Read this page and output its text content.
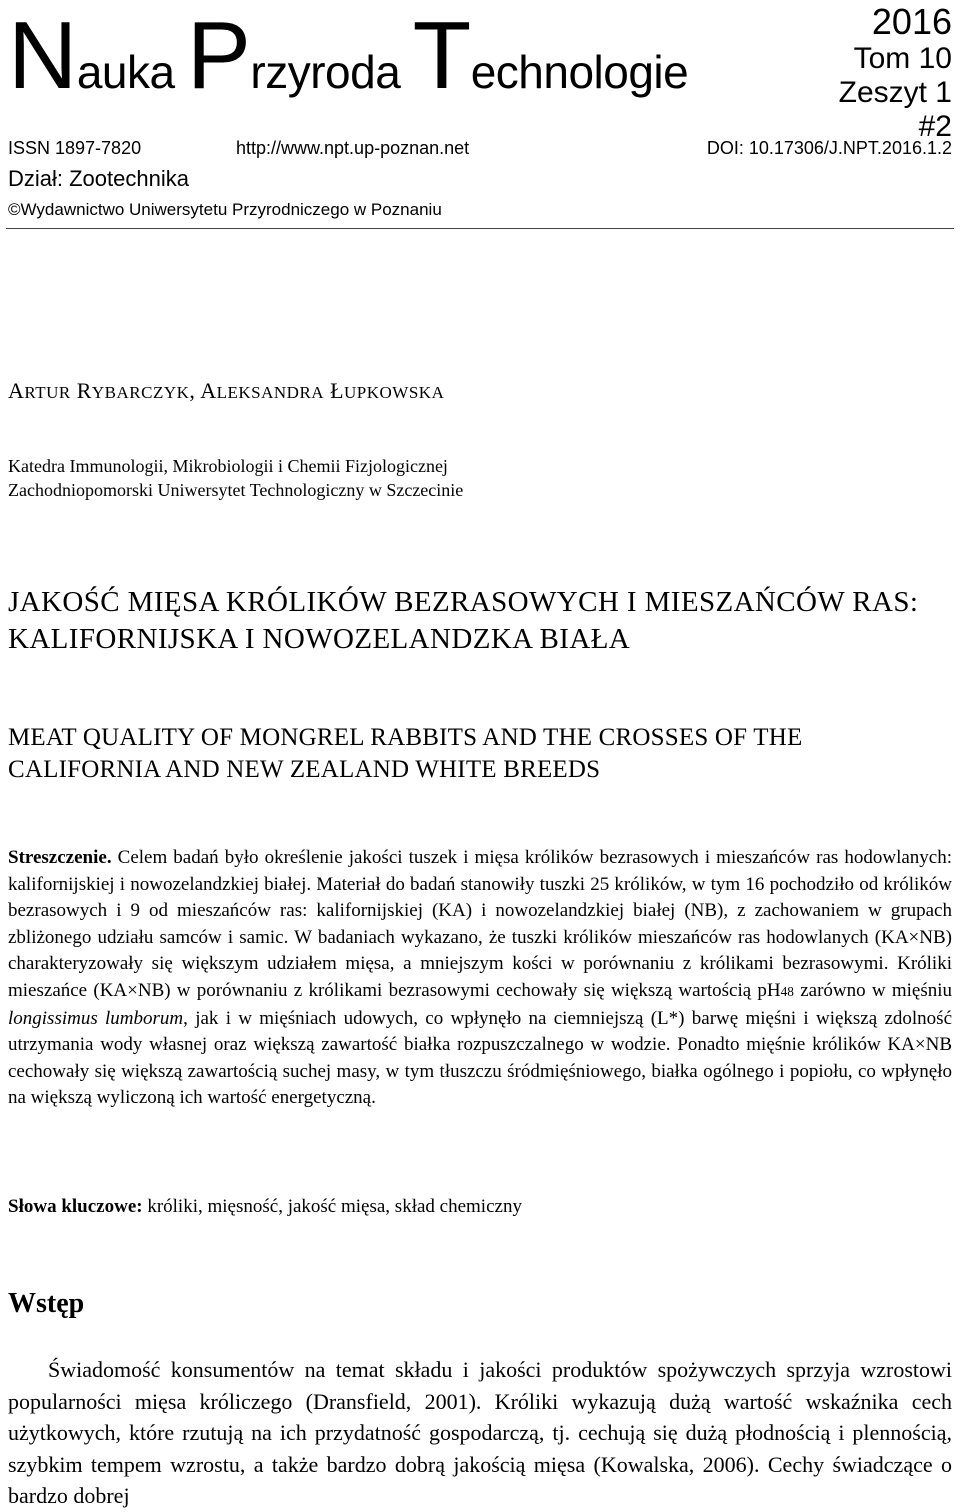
Nauka Przyroda Technologie
2016
Tom 10
Zeszyt 1
#2
ISSN 1897-7820	http://www.npt.up-poznan.net	DOI: 10.17306/J.NPT.2016.1.2
Dział: Zootechnika
©Wydawnictwo Uniwersytetu Przyrodniczego w Poznaniu
ARTUR RYBARCZYK, ALEKSANDRA ŁUPKOWSKA
Katedra Immunologii, Mikrobiologii i Chemii Fizjologicznej
Zachodniopomorski Uniwersytet Technologiczny w Szczecinie
JAKOŚĆ MIĘSA KRÓLIKÓW BEZRASOWYCH I MIESZAŃCÓW RAS: KALIFORNIJSKA I NOWOZELANDZKA BIAŁA
MEAT QUALITY OF MONGREL RABBITS AND THE CROSSES OF THE CALIFORNIA AND NEW ZEALAND WHITE BREEDS
Streszczenie. Celem badań było określenie jakości tuszek i mięsa królików bezrasowych i mieszańców ras hodowlanych: kalifornijskiej i nowozelandzkiej białej. Materiał do badań stanowiły tuszki 25 królików, w tym 16 pochodziło od królików bezrasowych i 9 od mieszańców ras: kalifornijskiej (KA) i nowozelandzkiej białej (NB), z zachowaniem w grupach zbliżonego udziału samców i samic. W badaniach wykazano, że tuszki królików mieszańców ras hodowlanych (KA×NB) charakteryzowały się większym udziałem mięsa, a mniejszym kości w porównaniu z królikami bezrasowymi. Króliki mieszańce (KA×NB) w porównaniu z królikami bezrasowymi cechowały się większą wartością pH48 zarówno w mięśniu longissimus lumborum, jak i w mięśniach udowych, co wpłynęło na ciemniejszą (L*) barwę mięśni i większą zdolność utrzymania wody własnej oraz większą zawartość białka rozpuszczalnego w wodzie. Ponadto mięśnie królików KA×NB cechowały się większą zawartością suchej masy, w tym tłuszczu śródmięśniowego, białka ogólnego i popiołu, co wpłynęło na większą wyliczoną ich wartość energetyczną.
Słowa kluczowe: króliki, mięsność, jakość mięsa, skład chemiczny
Wstęp
Świadomość konsumentów na temat składu i jakości produktów spożywczych sprzyja wzrostowi popularności mięsa króliczego (Dransfield, 2001). Króliki wykazują dużą wartość wskaźnika cech użytkowych, które rzutują na ich przydatność gospodarczą, tj. cechują się dużą płodnością i plennością, szybkim tempem wzrostu, a także bardzo dobrą jakością mięsa (Kowalska, 2006). Cechy świadczące o bardzo dobrej
